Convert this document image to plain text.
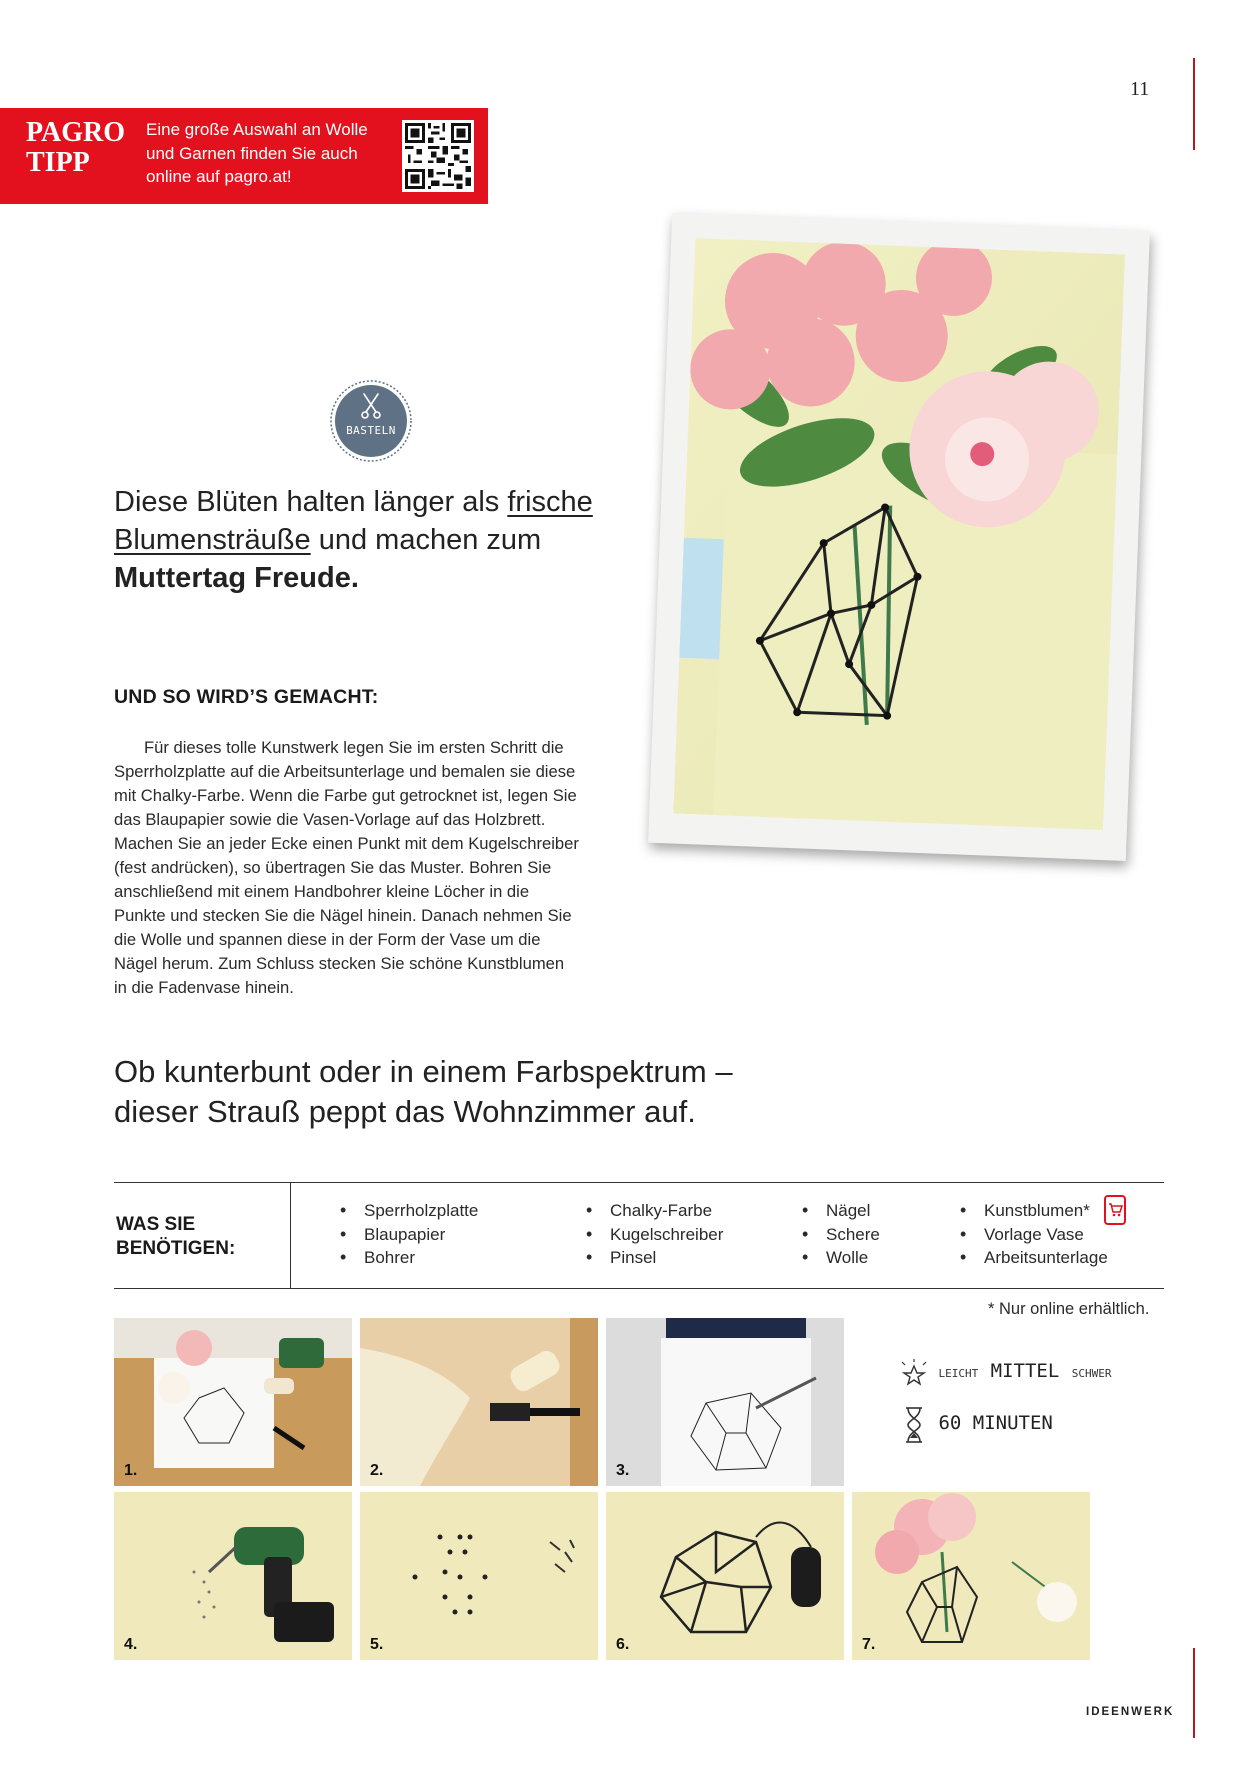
11
PAGRO
TIPP
Eine große Auswahl an Wolle und Garnen finden Sie auch online auf pagro.at!
BASTELN
Diese Blüten halten länger als frische Blumensträuße und machen zum Muttertag Freude.
UND SO WIRD’S GEMACHT:
Für dieses tolle Kunstwerk legen Sie im ersten Schritt die Sperrholzplatte auf die Arbeitsunterlage und bemalen sie diese mit Chalky-Farbe. Wenn die Farbe gut getrocknet ist, legen Sie das Blaupapier sowie die Vasen-Vorlage auf das Holzbrett. Machen Sie an jeder Ecke einen Punkt mit dem Kugelschreiber (fest andrücken), so übertragen Sie das Muster. Bohren Sie anschließend mit einem Handbohrer kleine Löcher in die Punkte und stecken Sie die Nägel hinein. Danach nehmen Sie die Wolle und spannen diese in der Form der Vase um die Nägel herum. Zum Schluss stecken Sie schöne Kunstblumen in die Fadenvase hinein.
Ob kunterbunt oder in einem Farbspektrum –
dieser Strauß peppt das Wohnzimmer auf.
WAS SIE
BENÖTIGEN:
• Sperrholzplatte
• Blaupapier
• Bohrer
• Chalky-Farbe
• Kugelschreiber
• Pinsel
• Nägel
• Schere
• Wolle
• Kunstblumen*
• Vorlage Vase
• Arbeitsunterlage
* Nur online erhältlich.
1.	2.	3.
4.	5.	6.	7.
LEICHT MITTEL SCHWER
60 MINUTEN
IDEENWERK
